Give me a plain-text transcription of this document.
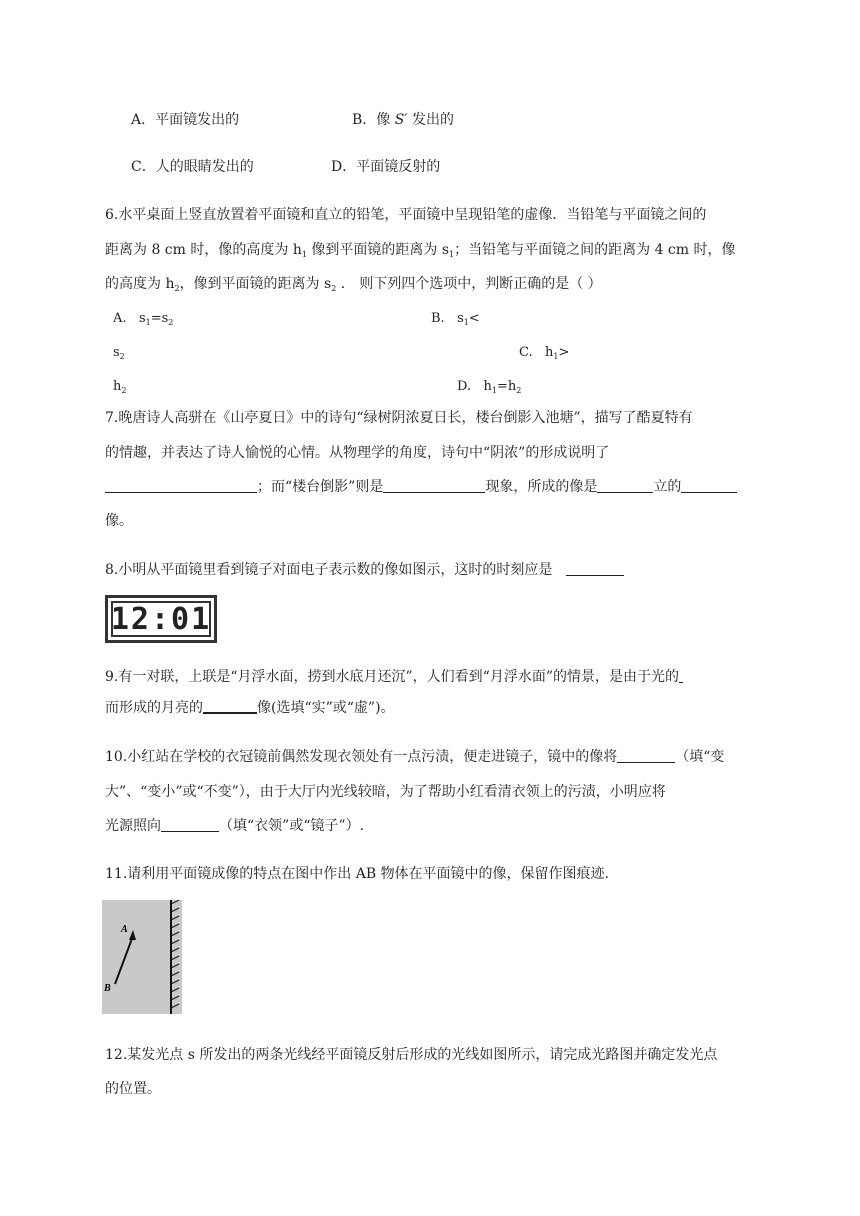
A．平面镜发出的	B．像 S′ 发出的
C．人的眼睛发出的	D．平面镜反射的
6.水平桌面上竖直放置着平面镜和直立的铅笔，平面镜中呈现铅笔的虚像．当铅笔与平面镜之间的
距离为 8 cm 时，像的高度为 $h_1$ 像到平面镜的距离为 $s_1$；当铅笔与平面镜之间的距离为 4 cm 时，像
的高度为 $h_2$，像到平面镜的距离为 $s_2$ ． 则下列四个选项中，判断正确的是（ ）
A. $s_1=s_2$	B. $s_1<$
$s_2$	C. $h_1>$
$h_2$	D. $h_1=h_2$
7.晚唐诗人高骈在《山亭夏日》中的诗句“绿树阴浓夏日长，楼台倒影入池塘”，描写了酷夏特有
的情趣，并表达了诗人愉悦的心情。从物理学的角度，诗句中“阴浓”的形成说明了
；而“楼台倒影”则是	现象，所成的像是	立的
像。
8.小明从平面镜里看到镜子对面电子表示数的像如图示，这时的时刻应是
12:01
9.有一对联，上联是“月浮水面，捞到水底月还沉”，人们看到“月浮水面”的情景，是由于光的
而形成的月亮的	像(选填“实”或“虚”)。
10.小红站在学校的衣冠镜前偶然发现衣领处有一点污渍，便走进镜子，镜中的像将	（填“变
大”、“变小”或“不变”），由于大厅内光线较暗，为了帮助小红看清衣领上的污渍，小明应将
光源照向	（填“衣领”或“镜子”）.
11.请利用平面镜成像的特点在图中作出 AB 物体在平面镜中的像，保留作图痕迹.
A
B
12.某发光点 s 所发出的两条光线经平面镜反射后形成的光线如图所示，请完成光路图并确定发光点
的位置。
